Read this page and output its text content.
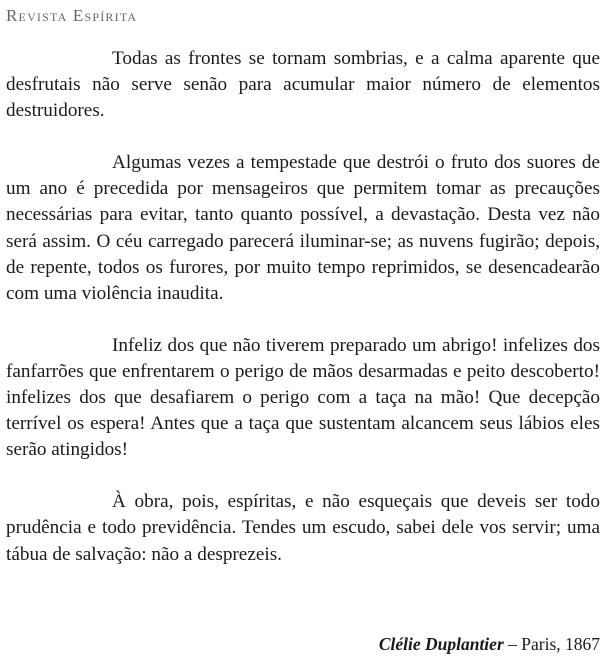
Revista Espírita

Todas as frontes se tornam sombrias, e a calma aparente que desfrutais não serve senão para acumular maior número de elementos destruidores.

Algumas vezes a tempestade que destrói o fruto dos suores de um ano é precedida por mensageiros que permitem tomar as precauções necessárias para evitar, tanto quanto possível, a devastação. Desta vez não será assim. O céu carregado parecerá iluminar-se; as nuvens fugirão; depois, de repente, todos os furores, por muito tempo reprimidos, se desencadearão com uma violência inaudita.

Infeliz dos que não tiverem preparado um abrigo! infelizes dos fanfarrões que enfrentarem o perigo de mãos desarmadas e peito descoberto! infelizes dos que desafiarem o perigo com a taça na mão! Que decepção terrível os espera! Antes que a taça que sustentam alcancem seus lábios eles serão atingidos!

À obra, pois, espíritas, e não esqueçais que deveis ser todo prudência e todo previdência. Tendes um escudo, sabei dele vos servir; uma tábua de salvação: não a desprezeis.

Clélie Duplantier – Paris, 1867
